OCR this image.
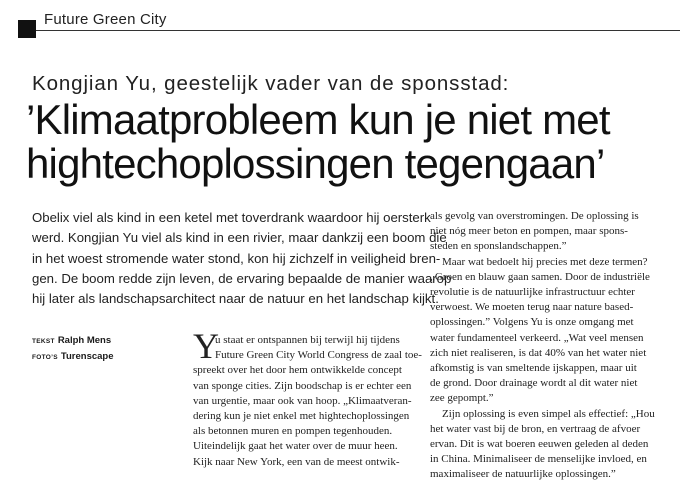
Future Green City
Kongjian Yu, geestelijk vader van de sponsstad:
’Klimaatprobleem kun je niet met
hightechoplossingen tegengaan’
Obelix viel als kind in een ketel met toverdrank waardoor hij oersterk
werd. Kongjian Yu viel als kind in een rivier, maar dankzij een boom die
in het woest stromende water stond, kon hij zichzelf in veiligheid bren-
gen. De boom redde zijn leven, de ervaring bepaalde de manier waarop
hij later als landschapsarchitect naar de natuur en het landschap kijkt.
TEKST Ralph Mens
FOTO’S Turenscape Y
u staat er ontspannen bij terwijl hij tijdens
Future Green City World Congress de zaal toe-
spreekt over het door hem ontwikkelde concept
van sponge cities. Zijn boodschap is er echter een
van urgentie, maar ook van hoop. „Klimaatveran-
dering kun je niet enkel met hightechoplossingen
als betonnen muren en pompen tegenhouden.
Uiteindelijk gaat het water over de muur heen.
Kijk naar New York, een van de meest ontwik-
als gevolg van overstromingen. De oplossing is
niet nóg meer beton en pompen, maar spons-
steden en sponslandschappen.”
Maar wat bedoelt hij precies met deze termen?
„Groen en blauw gaan samen. Door de industriële
revolutie is de natuurlijke infrastructuur echter
verwoest. We moeten terug naar nature based-
oplossingen.” Volgens Yu is onze omgang met
water fundamenteel verkeerd. „Wat veel mensen
zich niet realiseren, is dat 40% van het water niet
afkomstig is van smeltende ijskappen, maar uit
de grond. Door drainage wordt al dit water niet
zee gepompt.”
Zijn oplossing is even simpel als effectief: „Hou
het water vast bij de bron, en vertraag de afvoer
ervan. Dit is wat boeren eeuwen geleden al deden
in China. Minimaliseer de menselijke invloed, en
maximaliseer de natuurlijke oplossingen.”
